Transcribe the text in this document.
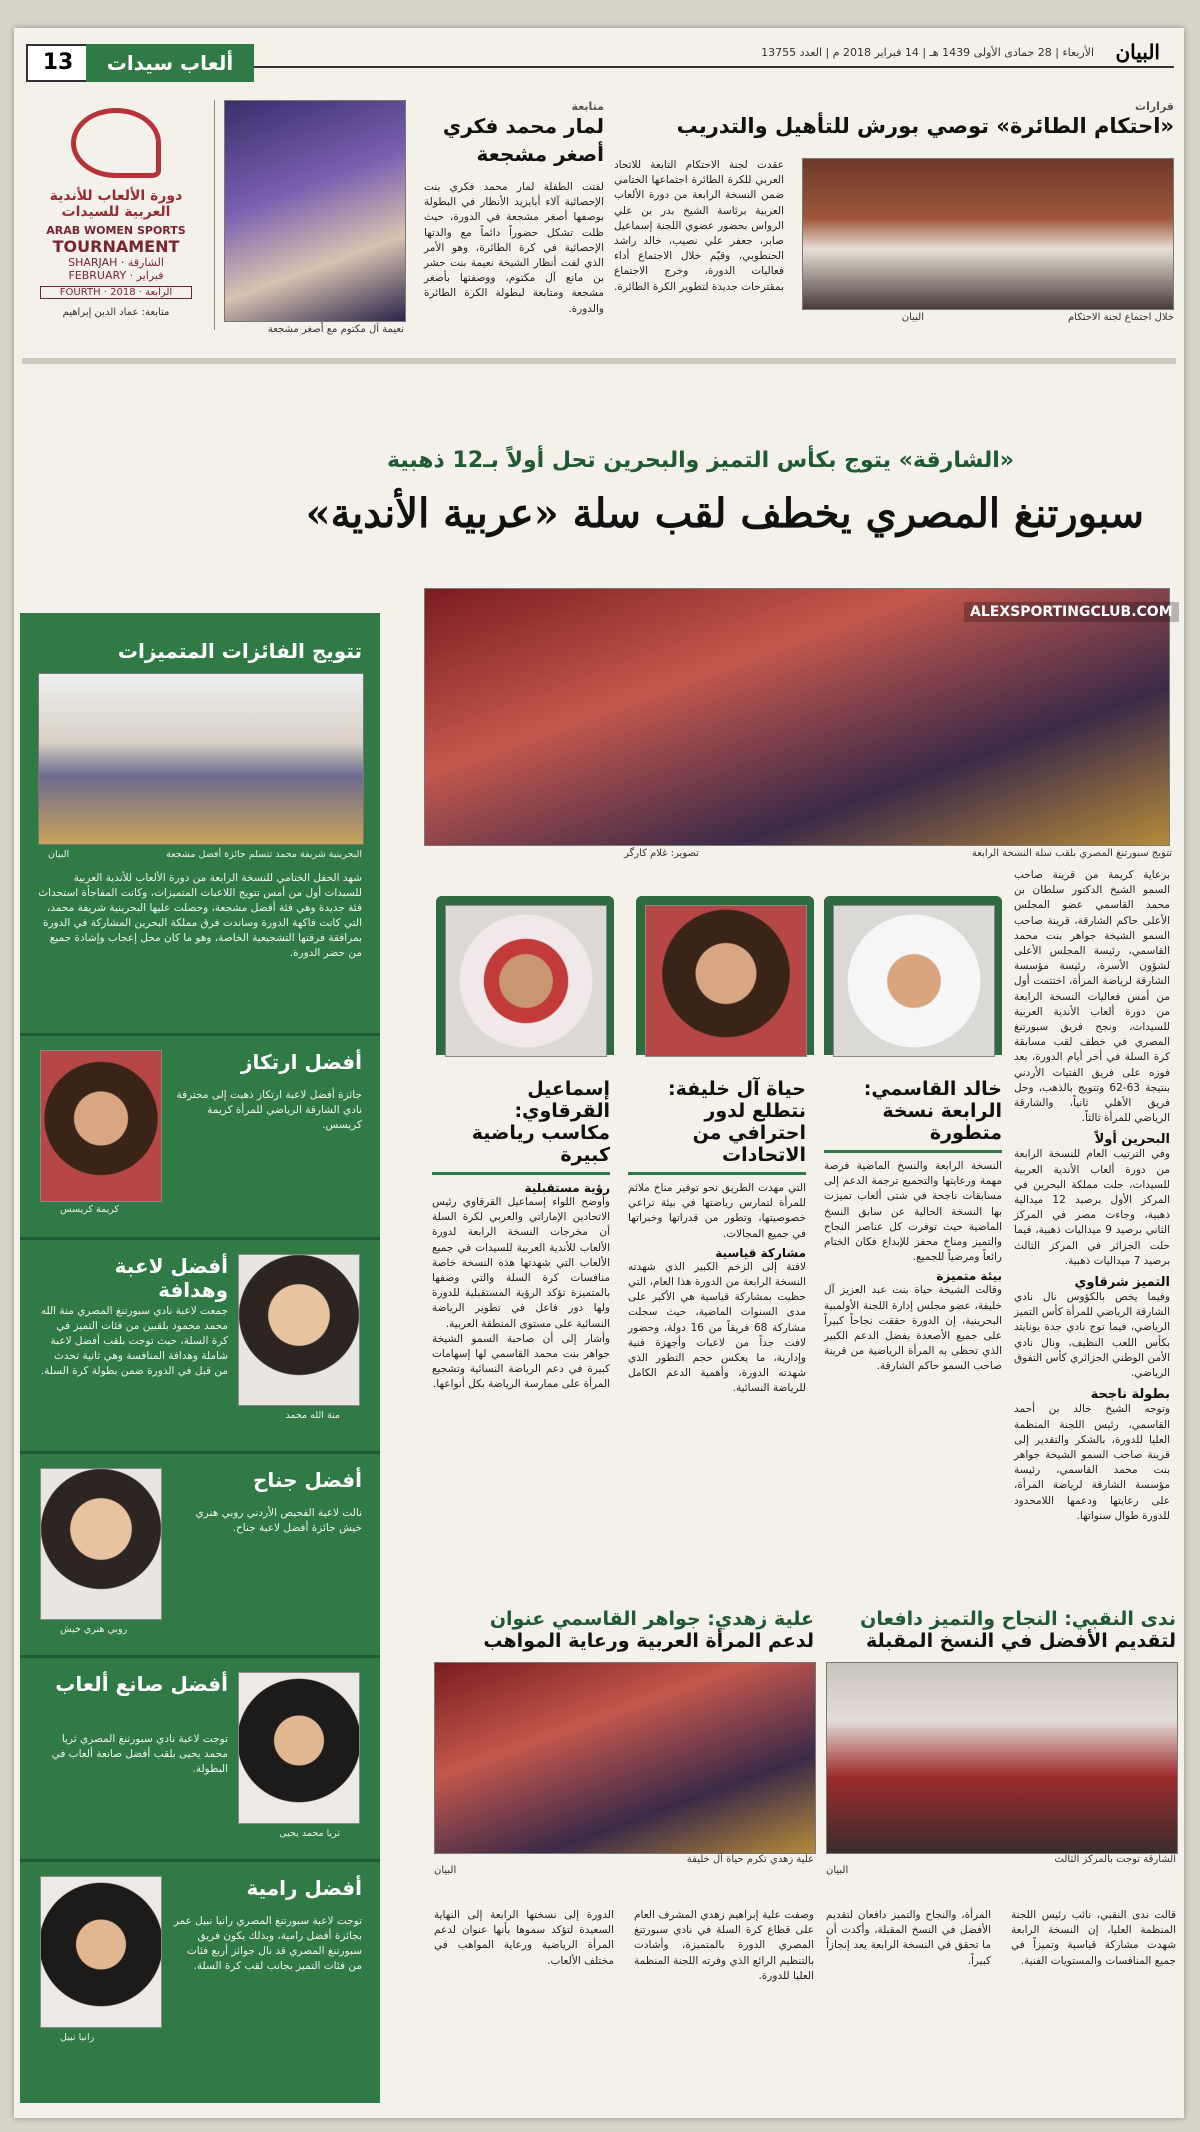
13	ألعاب سيدات	البيان
الأربعاء | 28 جمادى الأولى 1439 هـ | 14 فبراير 2018 م | العدد 13755
دورة الألعاب للأندية
العربية للسيدات
ARAB WOMEN SPORTS
TOURNAMENT
SHARJAH · الشارقة
FEBRUARY · فبراير
FOURTH · 2018 · الرابعة
متابعة: عماد الدين إبراهيم
متابعة
لمار محمد فكري
أصغر مشجعة
لفتت الطفلة لمار محمد فكري بنت الإحصائية آلاء أبايزيد الأنظار في البطولة بوصفها أصغر مشجعة في الدورة، حيث ظلت تشكل حضوراً دائماً مع والدتها الإحصائية في كرة الطائرة، وهو الأمر الذي لفت أنظار الشيخة نعيمة بنت حشر بن مانع آل مكتوم، ووصفتها بأصغر مشجعة ومتابعة لبطولة الكرة الطائرة والدورة.
نعيمة آل مكتوم مع أصغر مشجعة
قرارات
«احتكام الطائرة» توصي بورش للتأهيل والتدريب
عقدت لجنة الاحتكام التابعة للاتحاد العربي للكرة الطائرة اجتماعها الختامي ضمن النسخة الرابعة من دورة الألعاب العربية برئاسة الشيخ بدر بن علي الرواس بحضور عضوي اللجنة إسماعيل صابر، جعفر علي نصيب، خالد راشد الحنطوبي، وقيّم خلال الاجتماع أداء فعاليات الدورة، وخرج الاجتماع بمقترحات جديدة لتطوير الكرة الطائرة.
خلال اجتماع لجنة الاحتكام
البيان
«الشارقة» يتوج بكأس التميز والبحرين تحل أولاً بـ12 ذهبية
سبورتنغ المصري يخطف لقب سلة «عربية الأندية»
تتويج الفائزات المتميزات
البحرينية شريفة محمد تتسلم جائزة أفضل مشجعة
البيان
شهد الحفل الختامي للنسخة الرابعة من دورة الألعاب للأندية العربية للسيدات أول من أمس تتويج اللاعبات المتميزات، وكانت المفاجأة استحداث فئة جديدة وهي فئة أفضل مشجعة، وحصلت عليها البحرينية شريفة محمد، التي كانت فاكهة الدورة وساندت فرق مملكة البحرين المشاركة في الدورة بمرافقة فرقتها التشجيعية الخاصة، وهو ما كان محل إعجاب وإشادة جميع من حضر الدورة.
أفضل ارتكاز
جائزة أفضل لاعبة ارتكاز ذهبت إلى محترفة نادي الشارقة الرياضي للمرأة كريمة كريسس.
كريمة كريسس
أفضل لاعبة وهدافة
جمعت لاعبة نادي سبورتنغ المصري منة الله محمد محمود بلقبين من فئات التميز في كرة السلة، حيث توجت بلقب أفضل لاعبة شاملة وهدافة المنافسة وهي ثانية تحدث من قبل في الدورة ضمن بطولة كرة السلة.
منة الله محمد
أفضل جناح
نالت لاعبة الفحيص الأردني روبي هنري خيش جائزة أفضل لاعبة جناح.
روبي هنري خيش
أفضل صانع ألعاب
توجت لاعبة نادي سبورتنغ المصري ثريا محمد يحيى بلقب أفضل صانعة ألعاب في البطولة.
ثريا محمد يحيى
أفضل رامية
توجت لاعبة سبورتنغ المصري رانيا نبيل عمر بجائزة أفضل رامية، وبذلك يكون فريق سبورتنغ المصري قد نال جوائز أربع فئات من فئات التميز بجانب لقب كرة السلة.
رانيا نبيل
ALEXSPORTINGCLUB.COM
تتويج سبورتنغ المصري بلقب سلة النسخة الرابعة
تصوير: غلام كارگر
برعاية كريمة من قرينة صاحب السمو الشيخ الدكتور سلطان بن محمد القاسمي عضو المجلس الأعلى حاكم الشارقة، قرينة صاحب السمو الشيخة جواهر بنت محمد القاسمي، رئيسة المجلس الأعلى لشؤون الأسرة، رئيسة مؤسسة الشارقة لرياضة المرأة، اختتمت أول من أمس فعاليات النسخة الرابعة من دورة ألعاب الأندية العربية للسيدات، ونجح فريق سبورتنغ المصري في خطف لقب مسابقة كرة السلة في أخر أيام الدورة، بعد فوزه على فريق الفتيات الأردني بنتيجة 63-62 وتتويج بالذهب، وحل فريق الأهلي ثانياً، والشارقة الرياضي للمرأة ثالثاً.
البحرين أولاً
وفي الترتيب العام للنسخة الرابعة من دورة ألعاب الأندية العربية للسيدات، حلت مملكة البحرين في المركز الأول برصيد 12 ميدالية ذهبية، وجاءت مصر في المركز الثاني برصيد 9 ميداليات ذهبية، فيما حلت الجزائر في المركز الثالث برصيد 7 ميداليات ذهبية.
التميز شرقاوي
وفيما يخص بالكؤوس نال نادي الشارقة الرياضي للمرأة كأس التميز الرياضي، فيما توج نادي جدة يونايتد بكأس اللعب النظيف، ونال نادي الأمن الوطني الجزائري كأس التفوق الرياضي.
بطولة ناجحة
وتوجه الشيخ خالد بن أحمد القاسمي، رئيس اللجنة المنظمة العليا للدورة، بالشكر والتقدير إلى قرينة صاحب السمو الشيخة جواهر بنت محمد القاسمي، رئيسة مؤسسة الشارقة لرياضة المرأة، على رعايتها ودعمها اللامحدود للدورة طوال سنواتها.
خالد القاسمي:
الرابعة نسخة متطورة
النسخة الرابعة والنسخ الماضية فرصة مهمة ورعايتها والتجميع ترجمة الدعم إلى مسابقات ناجحة في شتى ألعاب تميزت بها النسخة الحالية عن سابق النسخ الماضية حيث توفرت كل عناصر النجاح والتميز ومناخ محفز للإبداع فكان الختام رائعاً ومرضياً للجميع.
بيئة متميزة
وقالت الشيخة حياة بنت عبد العزيز آل خليفة، عضو مجلس إدارة اللجنة الأولمبية البحرينية، إن الدورة حققت نجاحاً كبيراً على جميع الأصعدة بفضل الدعم الكبير الذي تحظى به المرأة الرياضية من قرينة صاحب السمو حاكم الشارقة.
حياة آل خليفة:
نتطلع لدور احترافي من الاتحادات
التي مهدت الطريق نحو توفير مناخ ملائم للمرأة لتمارس رياضتها في بيئة تراعي خصوصيتها، وتطور من قدراتها وخبراتها في جميع المجالات.
مشاركة قياسية
لافتة إلى الزخم الكبير الذي شهدته النسخة الرابعة من الدورة هذا العام، التي حظيت بمشاركة قياسية هي الأكبر على مدى السنوات الماضية، حيث سجلت مشاركة 68 فريقاً من 16 دولة، وحضور لافت جداً من لاعبات وأجهزة فنية وإدارية، ما يعكس حجم التطور الذي شهدته الدورة، وأهمية الدعم الكامل للرياضة النسائية.
إسماعيل القرقاوي:
مكاسب رياضية كبيرة
رؤية مستقبلية
وأوضح اللواء إسماعيل القرقاوي رئيس الاتحادين الإماراتي والعربي لكرة السلة أن مخرجات النسخة الرابعة لدورة الألعاب للأندية العربية للسيدات في جميع الألعاب التي شهدتها هذه النسخة خاصة منافسات كرة السلة والتي وصفها بالمتميزة تؤكد الرؤية المستقبلية للدورة ولها دور فاعل في تطوير الرياضة النسائية على مستوى المنطقة العربية.
وأشار إلى أن صاحبة السمو الشيخة جواهر بنت محمد القاسمي لها إسهامات كبيرة في دعم الرياضة النسائية وتشجيع المرأة على ممارسة الرياضة بكل أنواعها.
علية زهدي: جواهر القاسمي عنوان
لدعم المرأة العربية ورعاية المواهب
علية زهدي تكرم حياة آل خليفة
البيان
وصفت علية إبراهيم زهدي المشرف العام على قطاع كرة السلة في نادي سبورتنغ المصري الدورة بالمتميزة، وأشادت بالتنظيم الرائع الذي وفرته اللجنة المنظمة العليا للدورة.
الدورة إلى نسختها الرابعة إلى النهاية السعيدة لتؤكد سموها بأنها عنوان لدعم المرأة الرياضية ورعاية المواهب في مختلف الألعاب.
ندى النقبي: النجاح والتميز دافعان
لتقديم الأفضل في النسخ المقبلة
الشارقة توجت بالمركز الثالث
البيان
المرأة، والنجاح والتميز دافعان لتقديم الأفضل في النسخ المقبلة، وأكدت أن ما تحقق في النسخة الرابعة يعد إنجازاً كبيراً.
قالت ندى النقبي، نائب رئيس اللجنة المنظمة العليا، إن النسخة الرابعة شهدت مشاركة قياسية وتميزاً في جميع المنافسات والمستويات الفنية.
